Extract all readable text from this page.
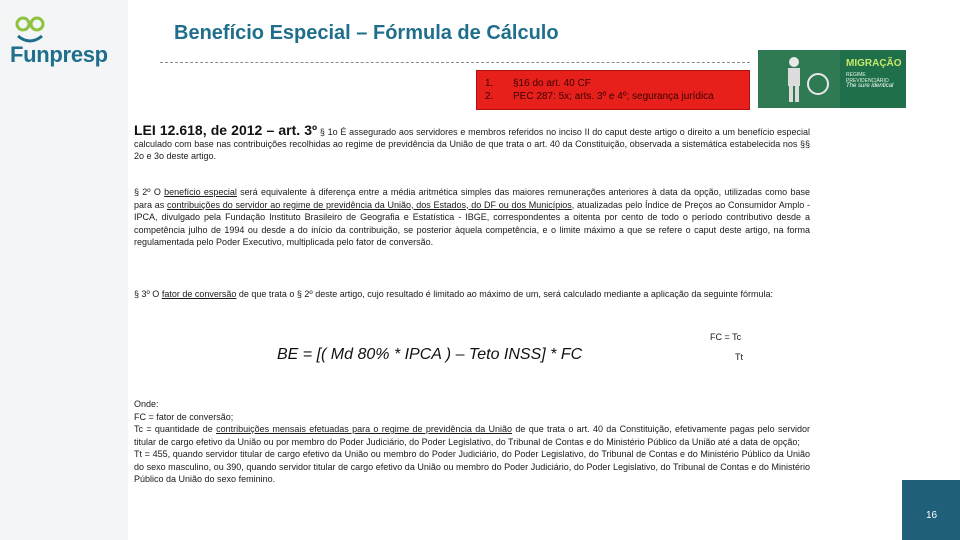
Funpresp
Benefício Especial – Fórmula de Cálculo
1. §16 do art. 40 CF
2. PEC 287: 5x; arts. 3º e 4º; segurança jurídica
MIGRAÇÃO
REGIME PREVIDENCIÁRIO
The sure identical
LEI 12.618, de 2012 – art. 3º § 1o É assegurado aos servidores e membros referidos no inciso II do caput deste artigo o direito a um benefício especial calculado com base nas contribuições recolhidas ao regime de previdência da União de que trata o art. 40 da Constituição, observada a sistemática estabelecida nos §§ 2o e 3o deste artigo.
§ 2º O benefício especial será equivalente à diferença entre a média aritmética simples das maiores remunerações anteriores à data da opção, utilizadas como base para as contribuições do servidor ao regime de previdência da União, dos Estados, do DF ou dos Municípios, atualizadas pelo Índice de Preços ao Consumidor Amplo - IPCA, divulgado pela Fundação Instituto Brasileiro de Geografia e Estatística - IBGE, correspondentes a oitenta por cento de todo o período contributivo desde a competência julho de 1994 ou desde a do início da contribuição, se posterior àquela competência, e o limite máximo a que se refere o caput deste artigo, na forma regulamentada pelo Poder Executivo, multiplicada pelo fator de conversão.
§ 3º O fator de conversão de que trata o § 2º deste artigo, cujo resultado é limitado ao máximo de um, será calculado mediante a aplicação da seguinte fórmula:
BE = [( Md 80% * IPCA ) – Teto INSS] * FC
FC = Tc
Tt
Onde:
FC = fator de conversão;
Tc = quantidade de contribuições mensais efetuadas para o regime de previdência da União de que trata o art. 40 da Constituição, efetivamente pagas pelo servidor titular de cargo efetivo da União ou por membro do Poder Judiciário, do Poder Legislativo, do Tribunal de Contas e do Ministério Público da União até a data de opção;
Tt = 455, quando servidor titular de cargo efetivo da União ou membro do Poder Judiciário, do Poder Legislativo, do Tribunal de Contas e do Ministério Público da União do sexo masculino, ou 390, quando servidor titular de cargo efetivo da União ou membro do Poder Judiciário, do Poder Legislativo, do Tribunal de Contas e do Ministério Público da União do sexo feminino.
16
